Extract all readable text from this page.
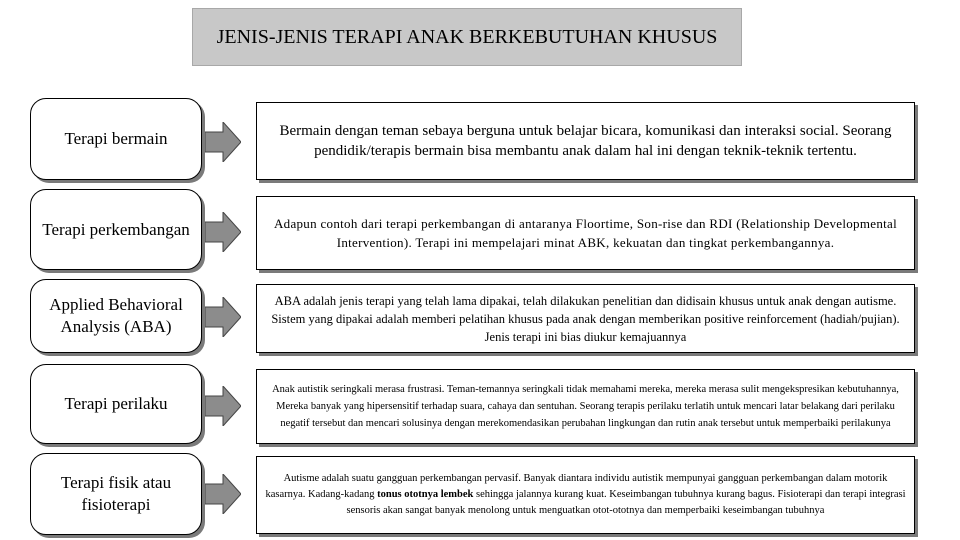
JENIS-JENIS TERAPI ANAK BERKEBUTUHAN KHUSUS
Terapi bermain	Bermain dengan teman sebaya berguna untuk belajar bicara, komunikasi dan interaksi social. Seorang pendidik/terapis bermain bisa membantu anak dalam hal ini dengan teknik-teknik tertentu.
Terapi perkembangan	Adapun contoh dari terapi perkembangan di antaranya Floortime, Son-rise dan RDI (Relationship Developmental Intervention). Terapi ini mempelajari minat ABK, kekuatan dan tingkat perkembangannya.
Applied Behavioral Analysis (ABA)
ABA adalah jenis terapi yang telah lama dipakai, telah dilakukan penelitian dan didisain khusus untuk anak dengan autisme. Sistem yang dipakai adalah memberi pelatihan khusus pada anak dengan memberikan positive reinforcement (hadiah/pujian). Jenis terapi ini bias diukur kemajuannya
Terapi perilaku
Anak autistik seringkali merasa frustrasi. Teman-temannya seringkali tidak memahami mereka, mereka merasa sulit mengekspresikan kebutuhannya, Mereka banyak yang hipersensitif terhadap suara, cahaya dan sentuhan. Seorang terapis perilaku terlatih untuk mencari latar belakang dari perilaku negatif tersebut dan mencari solusinya dengan merekomendasikan perubahan lingkungan dan rutin anak tersebut untuk memperbaiki perilakunya
Terapi fisik atau fisioterapi
Autisme adalah suatu gangguan perkembangan pervasif. Banyak diantara individu autistik mempunyai gangguan perkembangan dalam motorik kasarnya. Kadang-kadang tonus ototnya lembek sehingga jalannya kurang kuat. Keseimbangan tubuhnya kurang bagus. Fisioterapi dan terapi integrasi sensoris akan sangat banyak menolong untuk menguatkan otot-ototnya dan memperbaiki keseimbangan tubuhnya
